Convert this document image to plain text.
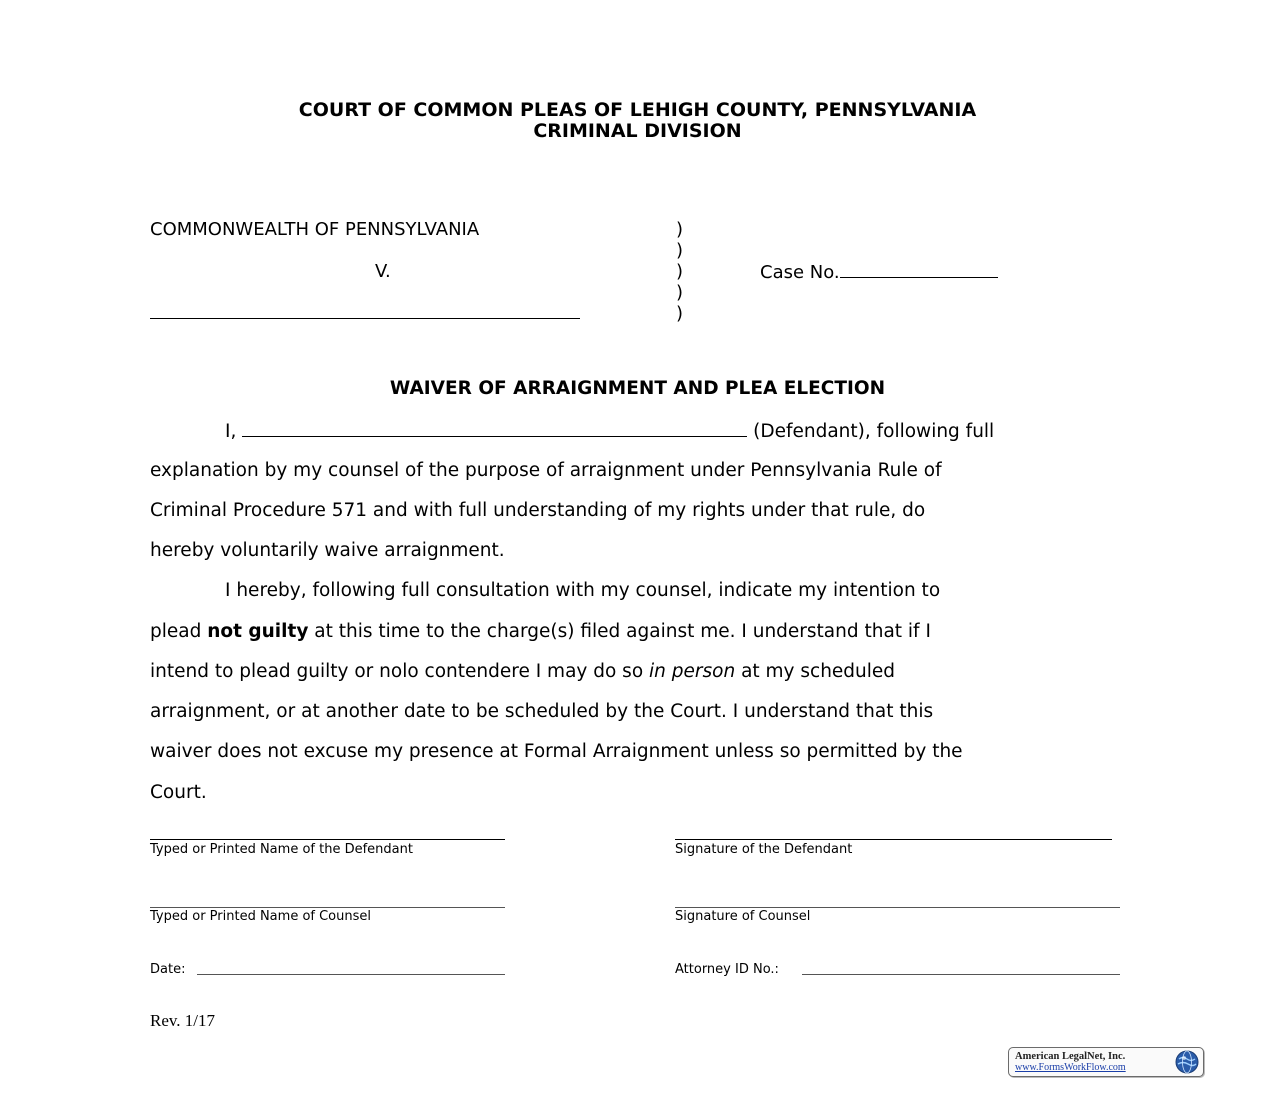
COURT OF COMMON PLEAS OF LEHIGH COUNTY, PENNSYLVANIA
CRIMINAL DIVISION
COMMONWEALTH OF PENNSYLVANIA
V.
)
)
)
)
)
Case No.
WAIVER OF ARRAIGNMENT AND PLEA ELECTION
I,	(Defendant), following full
explanation by my counsel of the purpose of arraignment under Pennsylvania Rule of
Criminal Procedure 571 and with full understanding of my rights under that rule, do
hereby voluntarily waive arraignment.
I hereby, following full consultation with my counsel, indicate my intention to
plead not guilty at this time to the charge(s) filed against me. I understand that if I
intend to plead guilty or nolo contendere I may do so in person at my scheduled
arraignment, or at another date to be scheduled by the Court. I understand that this
waiver does not excuse my presence at Formal Arraignment unless so permitted by the
Court.
Typed or Printed Name of the Defendant	Signature of the Defendant
Typed or Printed Name of Counsel	Signature of Counsel
Date:	Attorney ID No.:
Rev. 1/17
American LegalNet, Inc.
www.FormsWorkFlow.com
